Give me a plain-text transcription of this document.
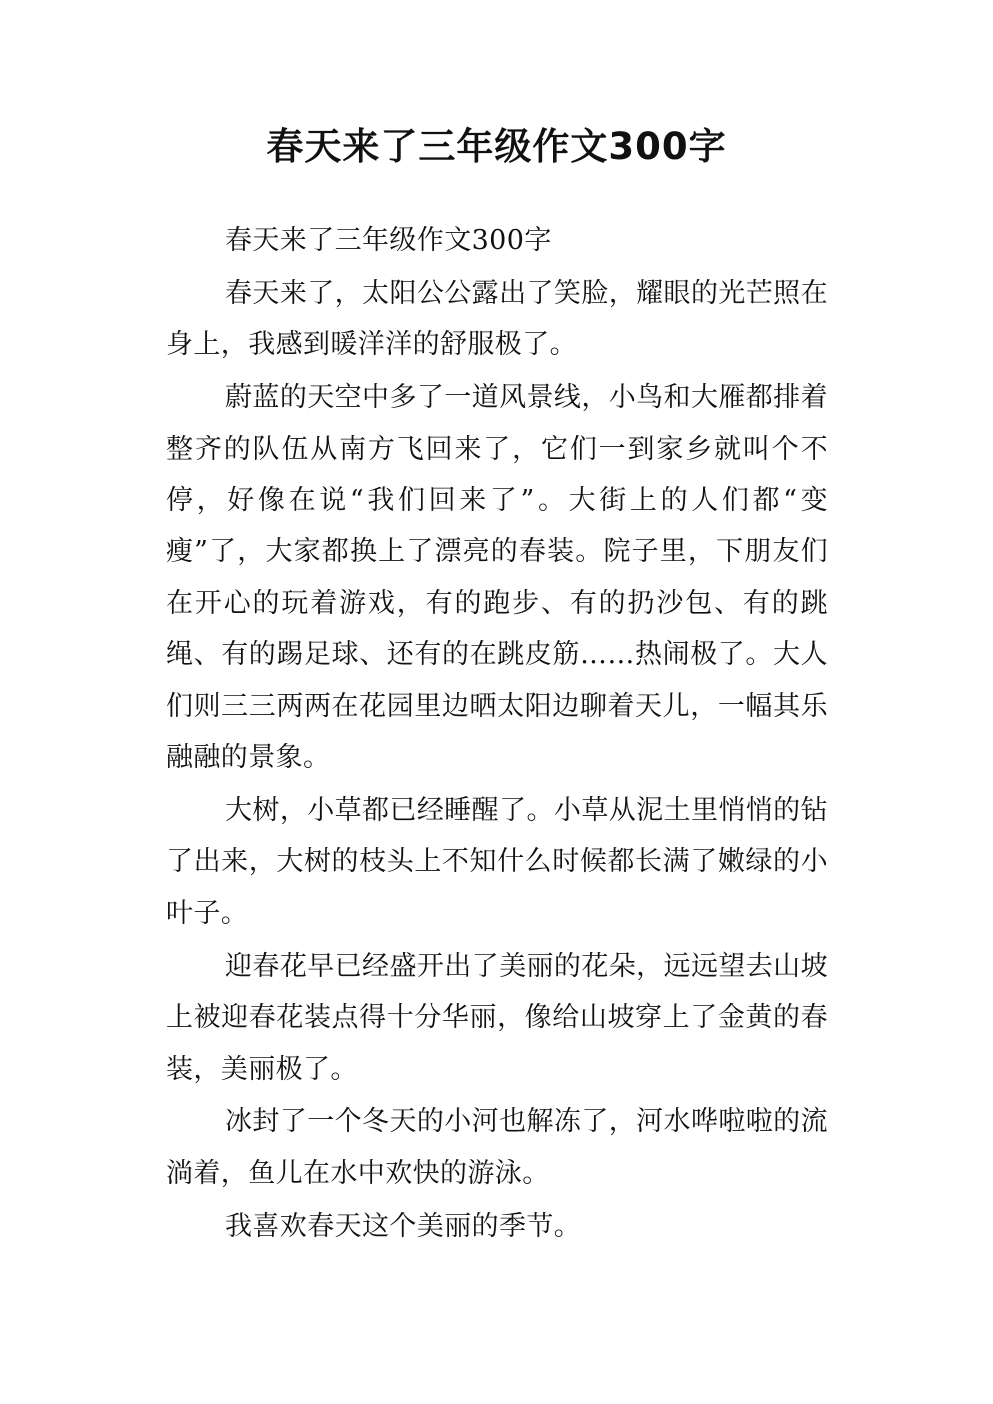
春天来了三年级作文300字

春天来了三年级作文300字

春天来了，太阳公公露出了笑脸，耀眼的光芒照在身上，我感到暖洋洋的舒服极了。

蔚蓝的天空中多了一道风景线，小鸟和大雁都排着整齐的队伍从南方飞回来了，它们一到家乡就叫个不停，好像在说“我们回来了”。大街上的人们都“变瘦”了，大家都换上了漂亮的春装。院子里，下朋友们在开心的玩着游戏，有的跑步、有的扔沙包、有的跳绳、有的踢足球、还有的在跳皮筋……热闹极了。大人们则三三两两在花园里边晒太阳边聊着天儿，一幅其乐融融的景象。

大树，小草都已经睡醒了。小草从泥土里悄悄的钻了出来，大树的枝头上不知什么时候都长满了嫩绿的小叶子。

迎春花早已经盛开出了美丽的花朵，远远望去山坡上被迎春花装点得十分华丽，像给山坡穿上了金黄的春装，美丽极了。

冰封了一个冬天的小河也解冻了，河水哗啦啦的流淌着，鱼儿在水中欢快的游泳。

我喜欢春天这个美丽的季节。
